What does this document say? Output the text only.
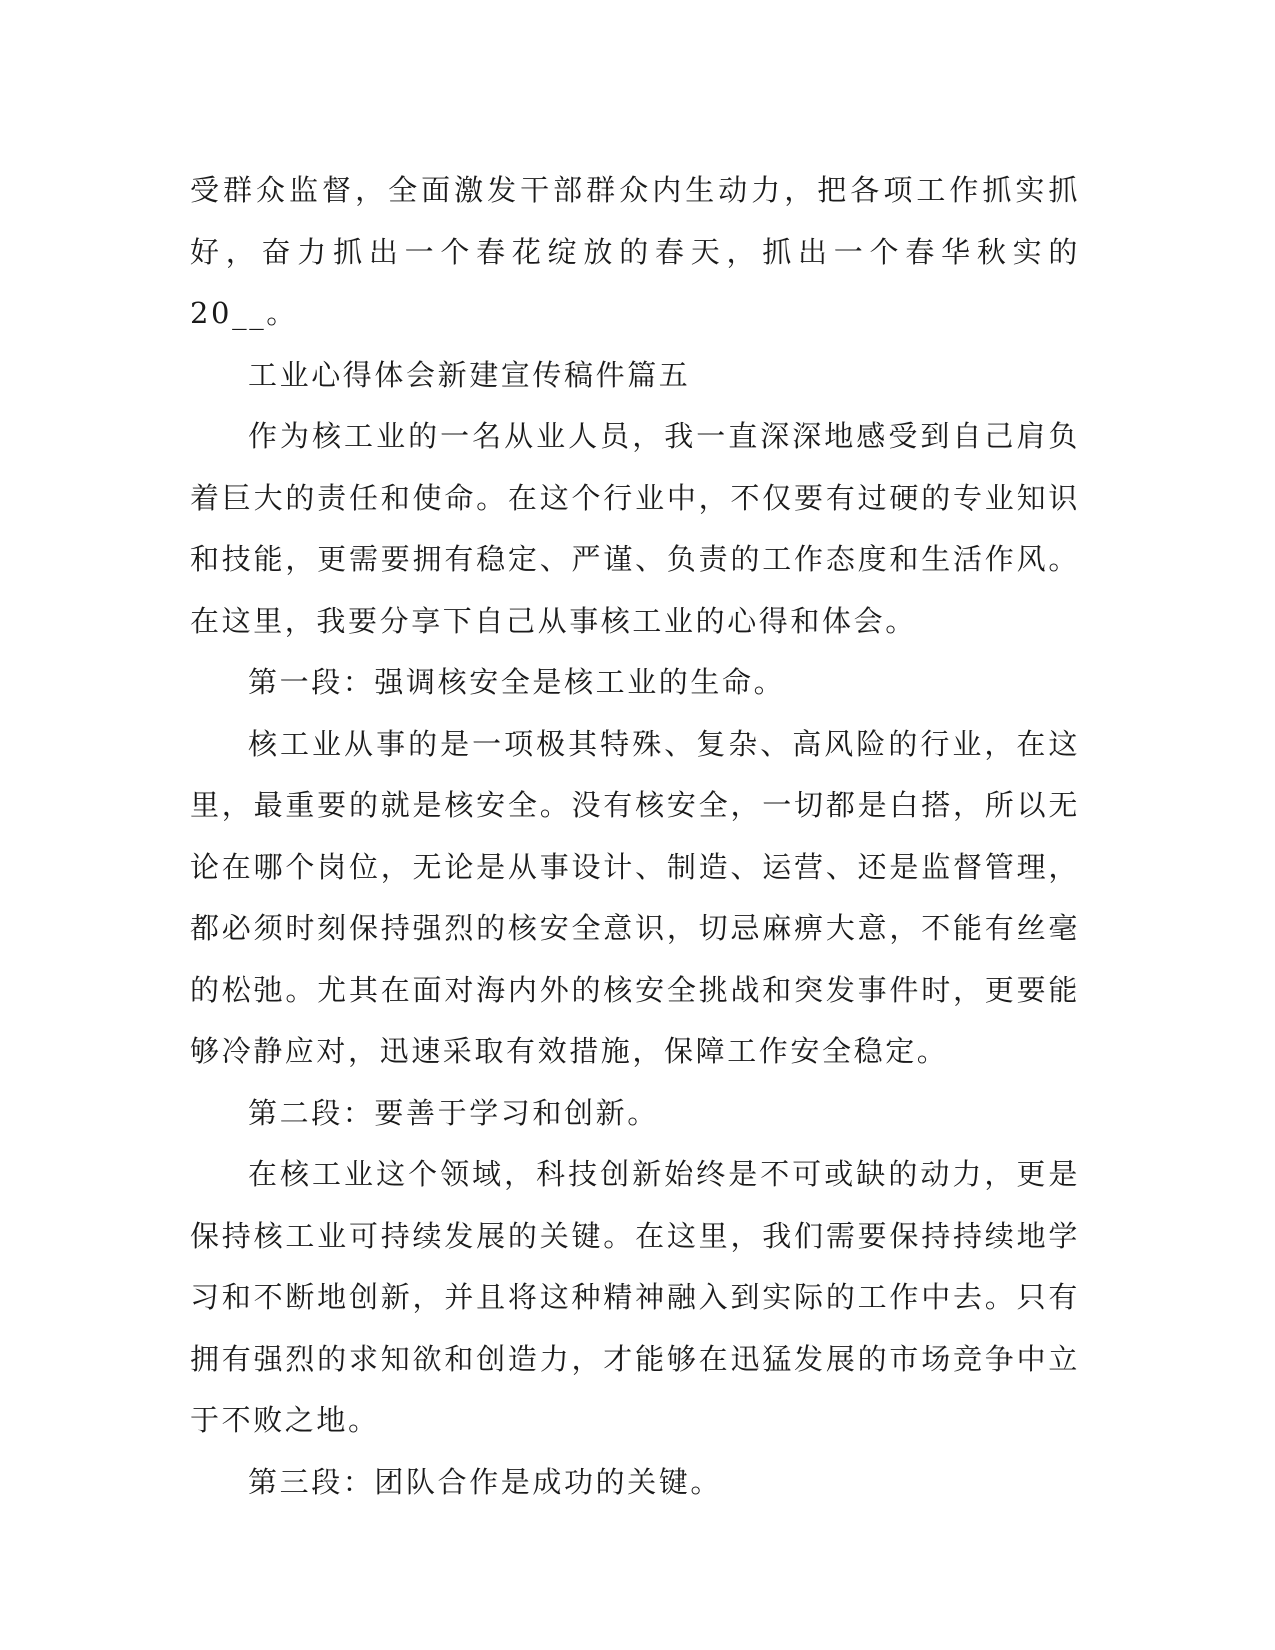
受群众监督，全面激发干部群众内生动力，把各项工作抓实抓好，奋力抓出一个春花绽放的春天，抓出一个春华秋实的20__。

工业心得体会新建宣传稿件篇五

作为核工业的一名从业人员，我一直深深地感受到自己肩负着巨大的责任和使命。在这个行业中，不仅要有过硬的专业知识和技能，更需要拥有稳定、严谨、负责的工作态度和生活作风。在这里，我要分享下自己从事核工业的心得和体会。

第一段：强调核安全是核工业的生命。

核工业从事的是一项极其特殊、复杂、高风险的行业，在这里，最重要的就是核安全。没有核安全，一切都是白搭，所以无论在哪个岗位，无论是从事设计、制造、运营、还是监督管理，都必须时刻保持强烈的核安全意识，切忌麻痹大意，不能有丝毫的松弛。尤其在面对海内外的核安全挑战和突发事件时，更要能够冷静应对，迅速采取有效措施，保障工作安全稳定。

第二段：要善于学习和创新。

在核工业这个领域，科技创新始终是不可或缺的动力，更是保持核工业可持续发展的关键。在这里，我们需要保持持续地学习和不断地创新，并且将这种精神融入到实际的工作中去。只有拥有强烈的求知欲和创造力，才能够在迅猛发展的市场竞争中立于不败之地。

第三段：团队合作是成功的关键。
